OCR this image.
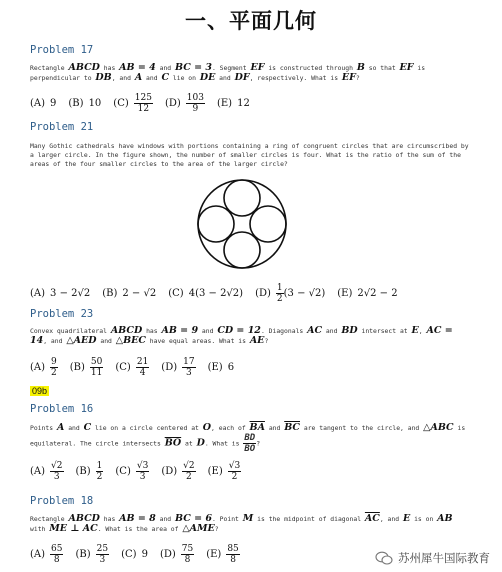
一、平面几何
Problem 17
Rectangle ABCD has AB = 4 and BC = 3. Segment EF is constructed through B so that EF is perpendicular to DB, and A and C lie on DE and DF, respectively. What is EF?
(A) 9 (B) 10 $(C) \frac{125}{12} (D) \frac{103}{9} (E)$ 12
Problem 21
Many Gothic cathedrals have windows with portions containing a ring of congruent circles that are circumscribed by a larger circle. In the figure shown, the number of smaller circles is four. What is the ratio of the sum of the areas of the four smaller circles to the area of the larger circle?
(A) 3 − 2√2 (B) 2 − √2 (C) 4(3 − 2√2) $(D) \frac{1}{2} (3 - √2)$ (E) 2√2 − 2
Problem 23
Convex quadrilateral ABCD has AB = 9 and CD = 12. Diagonals AC and BD intersect at E, AC = 14, and △AED and △BEC have equal areas. What is AE?
$(A) \frac{9}{2} (B) \frac{50}{11} (C) \frac{21}{4} (D) \frac{17}{3} (E)$ 6
09b
Problem 16
Points A and C lie on a circle centered at O, each of $\overline{BA}$ and $\overline{BC}$ are tangent to the circle, and △ABC is equilateral. The circle intersects $\overline{BO}$ at D. What is $\frac{BD}{BO}$ ?
$(A) \frac{√2}{3} (B) \frac{1}{2} (C) \frac{√3}{3} (D) \frac{√2}{2} (E) \frac{√3}{2}$
Problem 18
Rectangle ABCD has AB = 8 and BC = 6. Point M is the midpoint of diagonal $\overline{AC}$, and E is on AB with ME ⊥ AC. What is the area of △AME?
$(A) \frac{65}{8} (B) \frac{25}{3} (C)$ 9 $(D) \frac{75}{8} (E) \frac{85}{8}$	苏州犀牛国际教育
